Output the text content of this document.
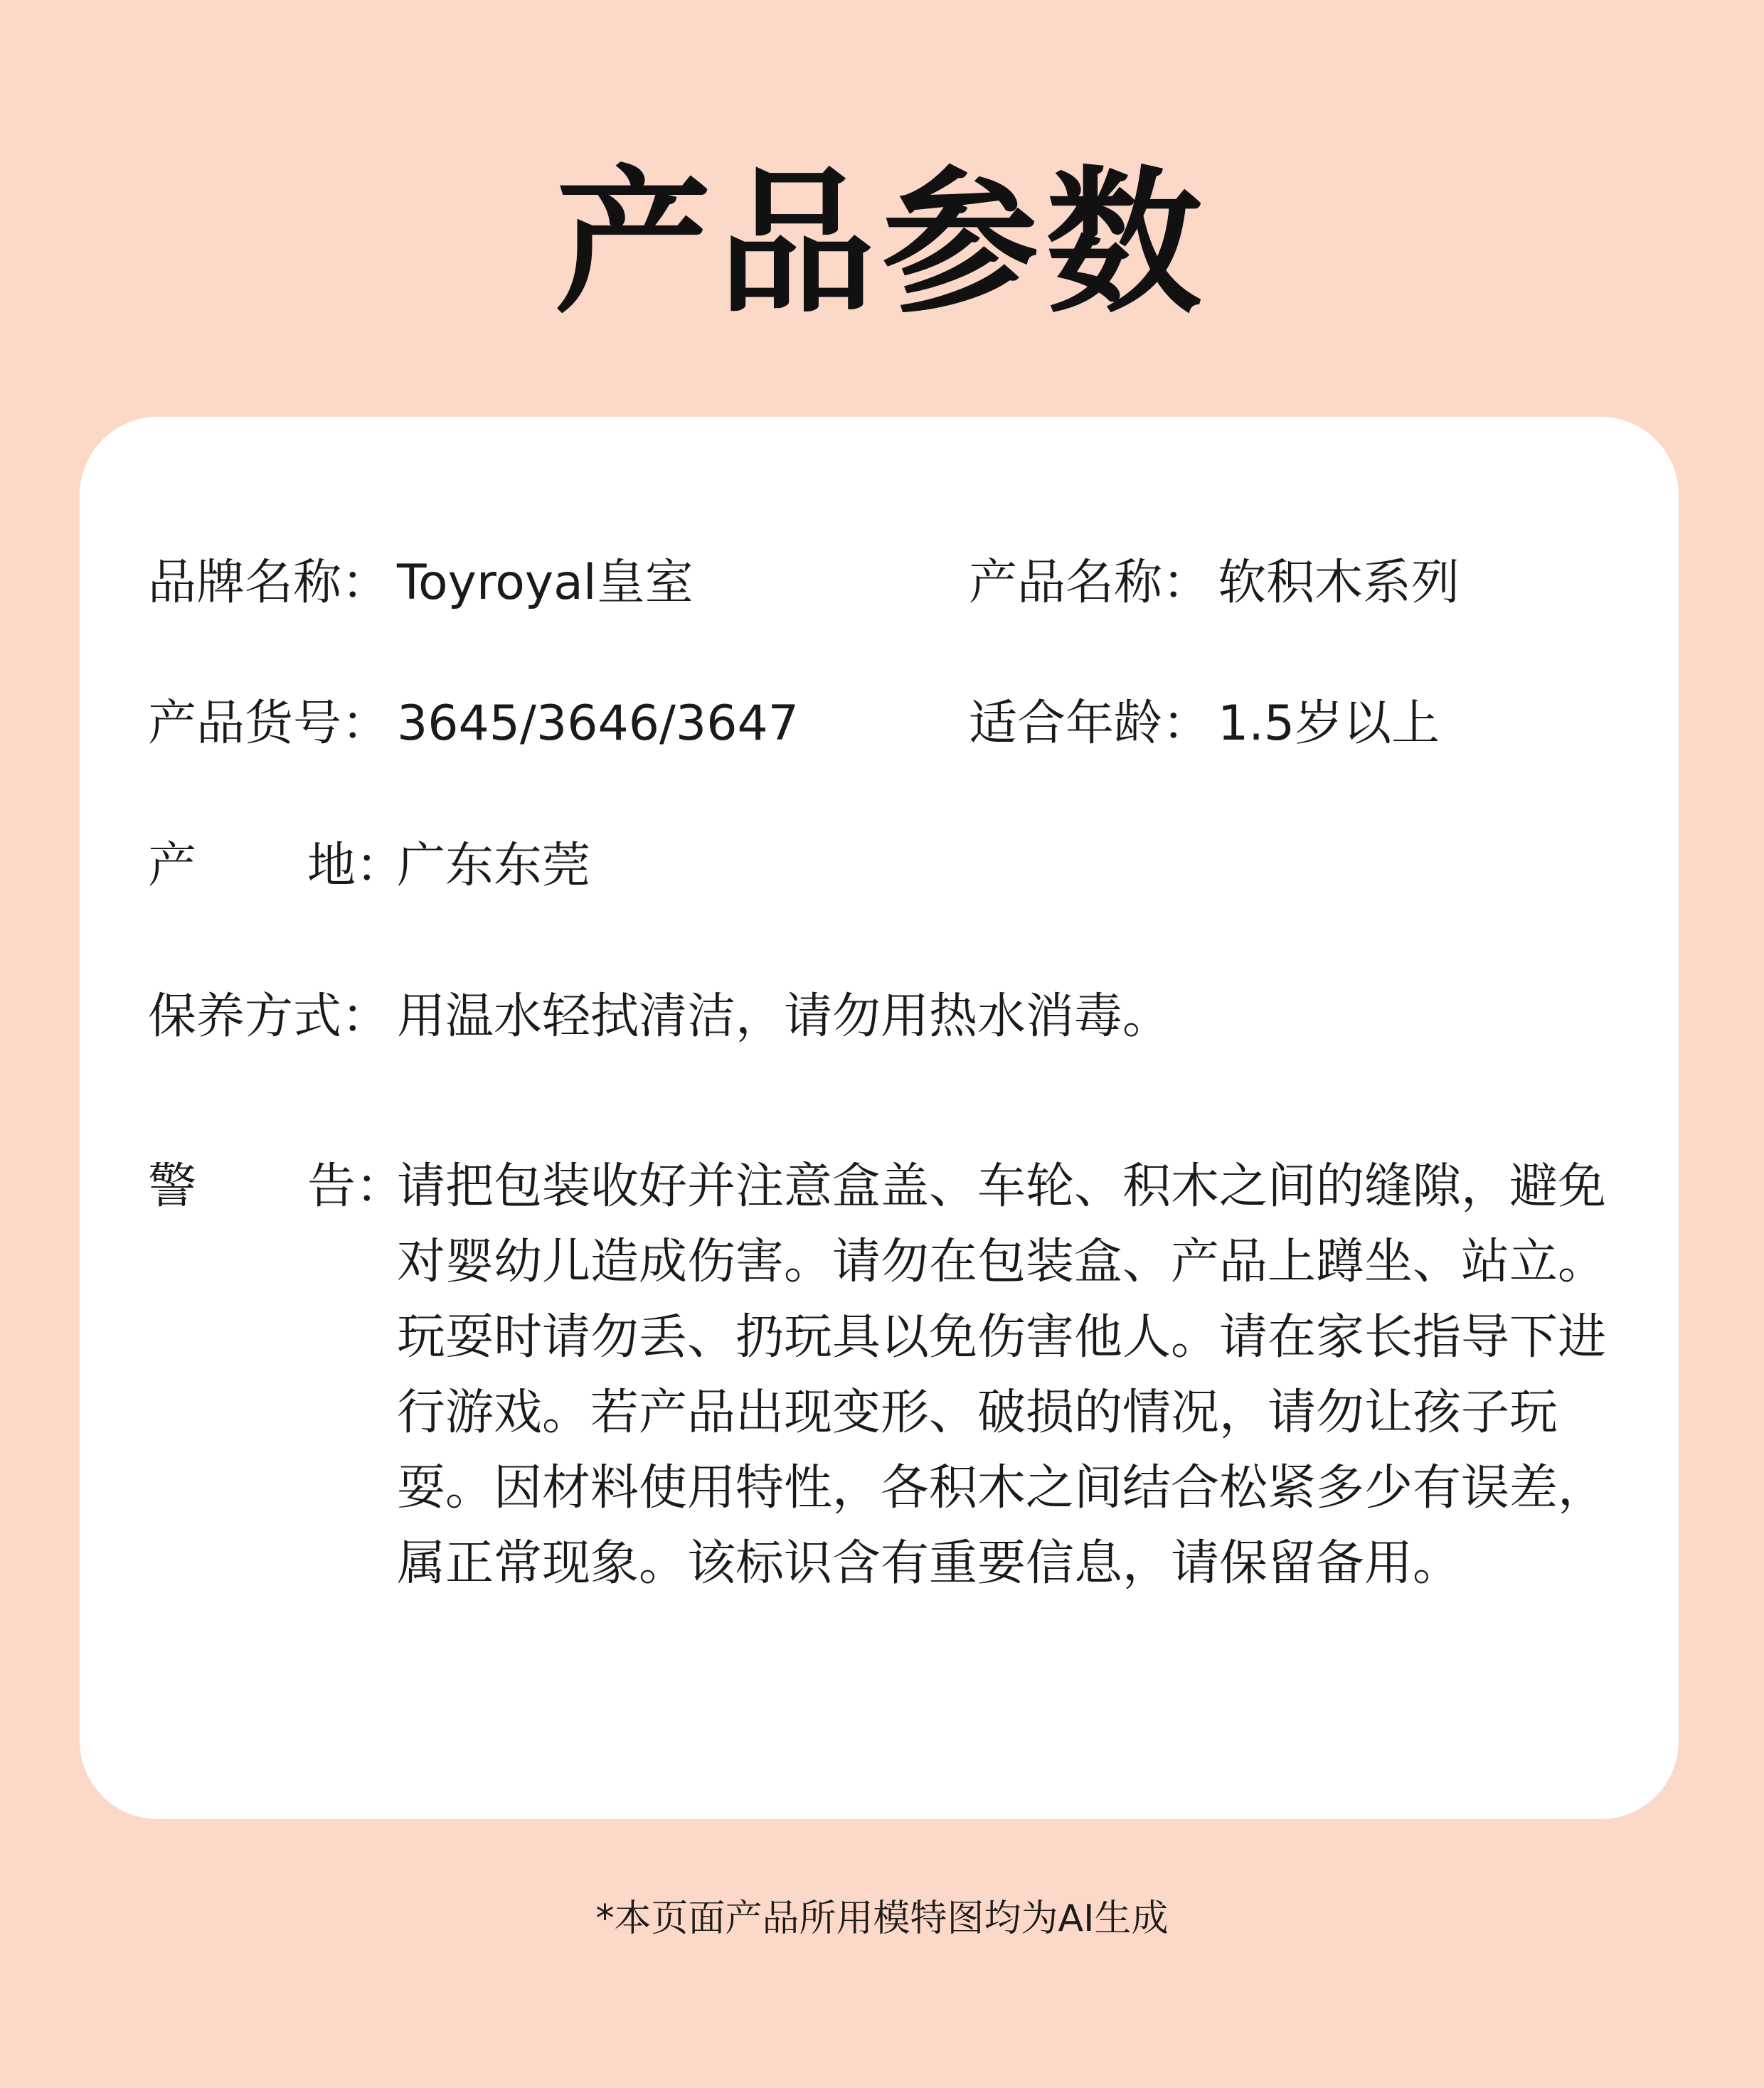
产品参数
品牌名称： Toyroyal皇室	产品名称： 软积木系列
产品货号： 3645/3646/3647	适合年龄： 1.5岁以上
产 地：广东东莞
保养方式： 用温水轻拭清洁，请勿用热水消毒。
警 告：
请把包装收好并注意盒盖、车轮、积木之间的缝隙，避免对婴幼儿造成伤害。请勿在包装盒、产品上蹲坐、站立。玩耍时请勿丢、扔玩具以免伤害他人。请在家长指导下进行游戏。若产品出现变形、破损的情况，请勿让孩子玩耍。因材料使用特性，各积木之间结合松紧多少有误差，属正常现象。该标识含有重要信息，请保留备用。
*本页面产品所用模特图均为AI生成
